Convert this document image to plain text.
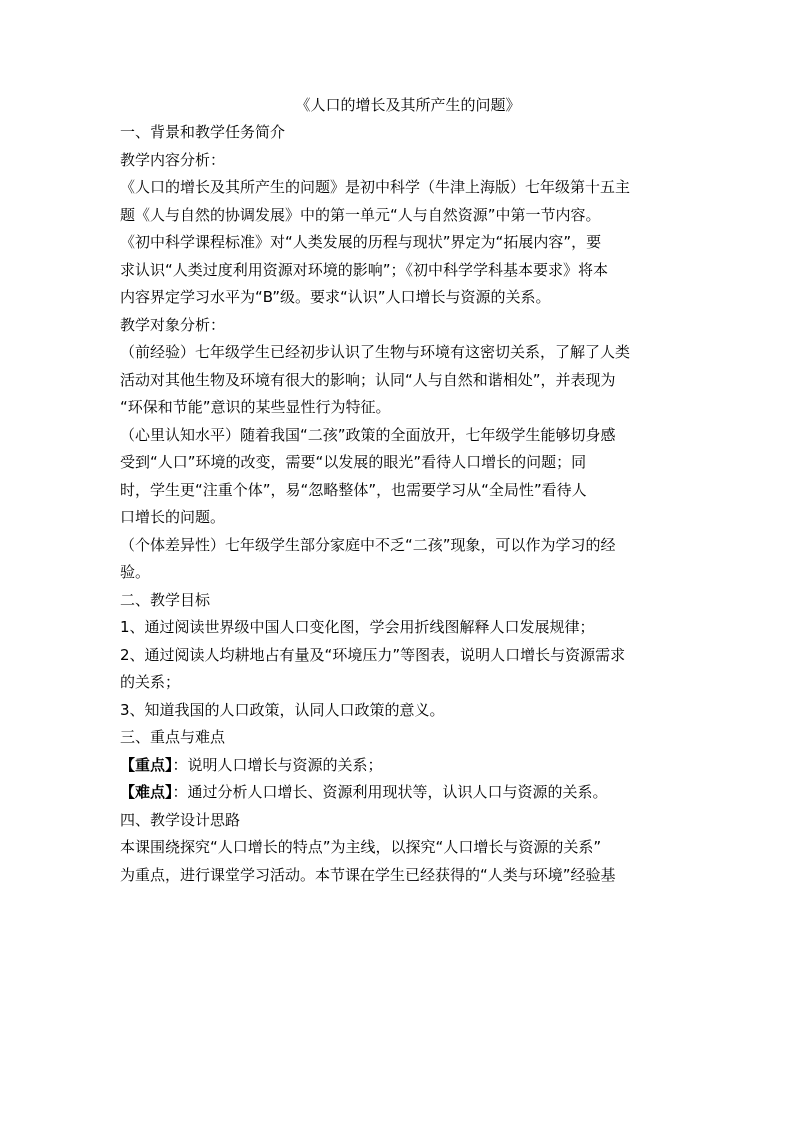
《人口的增长及其所产生的问题》

一、背景和教学任务简介

教学内容分析：

《人口的增长及其所产生的问题》是初中科学（牛津上海版）七年级第十五主

题《人与自然的协调发展》中的第一单元“人与自然资源”中第一节内容。

《初中科学课程标准》对“人类发展的历程与现状”界定为“拓展内容”，要

求认识“人类过度利用资源对环境的影响”；《初中科学学科基本要求》将本

内容界定学习水平为“B”级。要求“认识”人口增长与资源的关系。

教学对象分析：

（前经验）七年级学生已经初步认识了生物与环境有这密切关系，了解了人类

活动对其他生物及环境有很大的影响；认同“人与自然和谐相处”，并表现为

“环保和节能”意识的某些显性行为特征。

（心里认知水平）随着我国“二孩”政策的全面放开，七年级学生能够切身感

受到“人口”环境的改变，需要“以发展的眼光”看待人口增长的问题；同

时，学生更“注重个体”，易“忽略整体”，也需要学习从“全局性”看待人

口增长的问题。

（个体差异性）七年级学生部分家庭中不乏“二孩”现象，可以作为学习的经

验。

二、教学目标

1、通过阅读世界级中国人口变化图，学会用折线图解释人口发展规律；

2、通过阅读人均耕地占有量及“环境压力”等图表，说明人口增长与资源需求

的关系；

3、知道我国的人口政策，认同人口政策的意义。

三、重点与难点

【重点】：说明人口增长与资源的关系；

【难点】：通过分析人口增长、资源利用现状等，认识人口与资源的关系。

四、教学设计思路

本课围绕探究“人口增长的特点”为主线，以探究“人口增长与资源的关系”

为重点，进行课堂学习活动。本节课在学生已经获得的“人类与环境”经验基
